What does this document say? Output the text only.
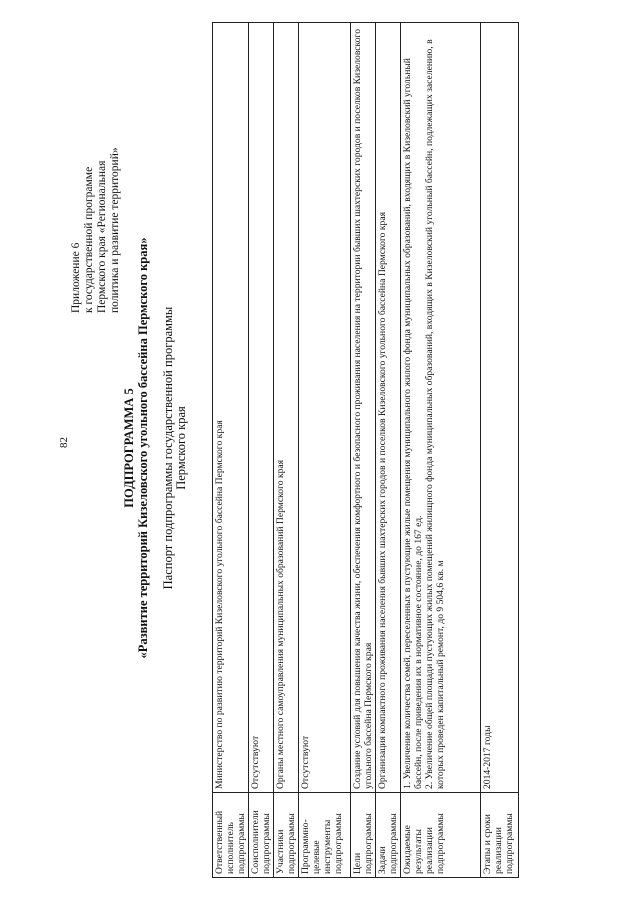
82
Приложение 6
к государственной программе
Пермского края «Региональная
политика и развитие территорий»
ПОДПРОГРАММА 5 «Развитие территорий Кизеловского угольного бассейна Пермского края» Паспорт подпрограммы государственной программы Пермского края
Ответственный исполнитель подпрограммы	Министерство по развитию территорий Кизеловского угольного бассейна Пермского края
Соисполнители подпрограммы	Отсутствуют
Участники подпрограммы	Органы местного самоуправления муниципальных образований Пермского края
Программно-целевые инструменты подпрограммы	Отсутствуют
Цели подпрограммы	Создание условий для повышения качества жизни, обеспечения комфортного и безопасного проживания населения на территории бывших шахтерских городов и поселков Кизеловского угольного бассейна Пермского края
Задачи подпрограммы	Организация компактного проживания населения бывших шахтерских городов и поселков Кизеловского угольного бассейна Пермского края
Ожидаемые результаты реализации подпрограммы	1. Увеличение количества семей, переселенных в пустующие жилые помещения муниципального жилого фонда муниципальных образований, входящих в Кизеловский угольный бассейн, после приведения их в нормативное состояние, до 167 ед.
2. Увеличение общей площади пустующих жилых помещений жилищного фонда муниципальных образований, входящих в Кизеловский угольный бассейн, подлежащих заселению, в которых проведен капитальный ремонт, до 9 504,6 кв. м
Этапы и сроки реализации подпрограммы	2014-2017 годы
